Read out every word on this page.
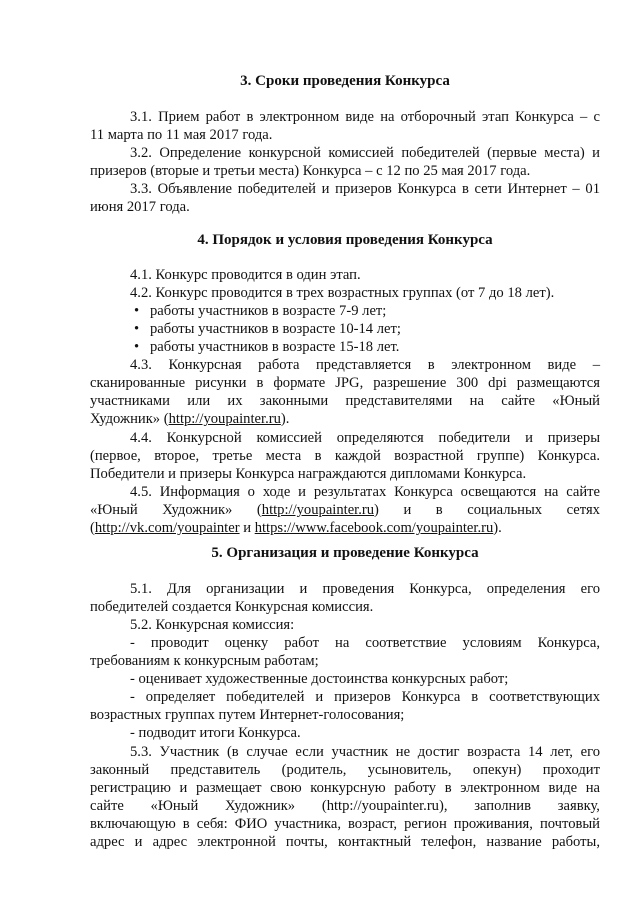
3. Сроки проведения Конкурса
3.1. Прием работ в электронном виде на отборочный этап Конкурса – с
11 марта по 11 мая 2017 года.
3.2. Определение конкурсной комиссией победителей (первые места) и
призеров (вторые и третьи места) Конкурса – с 12 по 25 мая 2017 года.
3.3. Объявление победителей и призеров Конкурса в сети Интернет – 01
июня 2017 года.
4. Порядок и условия проведения Конкурса
4.1. Конкурс проводится в один этап.
4.2. Конкурс проводится в трех возрастных группах (от 7 до 18 лет).
• работы участников в возрасте 7-9 лет;
• работы участников в возрасте 10-14 лет;
• работы участников в возрасте 15-18 лет.
4.3. Конкурсная работа представляется в электронном виде –
сканированные рисунки в формате JPG, разрешение 300 dpi размещаются
участниками или их законными представителями на сайте «Юный
Художник» (http://youpainter.ru).
4.4. Конкурсной комиссией определяются победители и призеры
(первое, второе, третье места в каждой возрастной группе) Конкурса.
Победители и призеры Конкурса награждаются дипломами Конкурса.
4.5. Информация о ходе и результатах Конкурса освещаются на сайте
«Юный Художник» (http://youpainter.ru) и в социальных сетях
(http://vk.com/youpainter и https://www.facebook.com/youpainter.ru).
5. Организация и проведение Конкурса
5.1. Для организации и проведения Конкурса, определения его
победителей создается Конкурсная комиссия.
5.2. Конкурсная комиссия:
- проводит оценку работ на соответствие условиям Конкурса,
требованиям к конкурсным работам;
- оценивает художественные достоинства конкурсных работ;
- определяет победителей и призеров Конкурса в соответствующих
возрастных группах путем Интернет-голосования;
- подводит итоги Конкурса.
5.3. Участник (в случае если участник не достиг возраста 14 лет, его
законный представитель (родитель, усыновитель, опекун) проходит
регистрацию и размещает свою конкурсную работу в электронном виде на
сайте «Юный Художник» (http://youpainter.ru), заполнив заявку,
включающую в себя: ФИО участника, возраст, регион проживания, почтовый
адрес и адрес электронной почты, контактный телефон, название работы,
